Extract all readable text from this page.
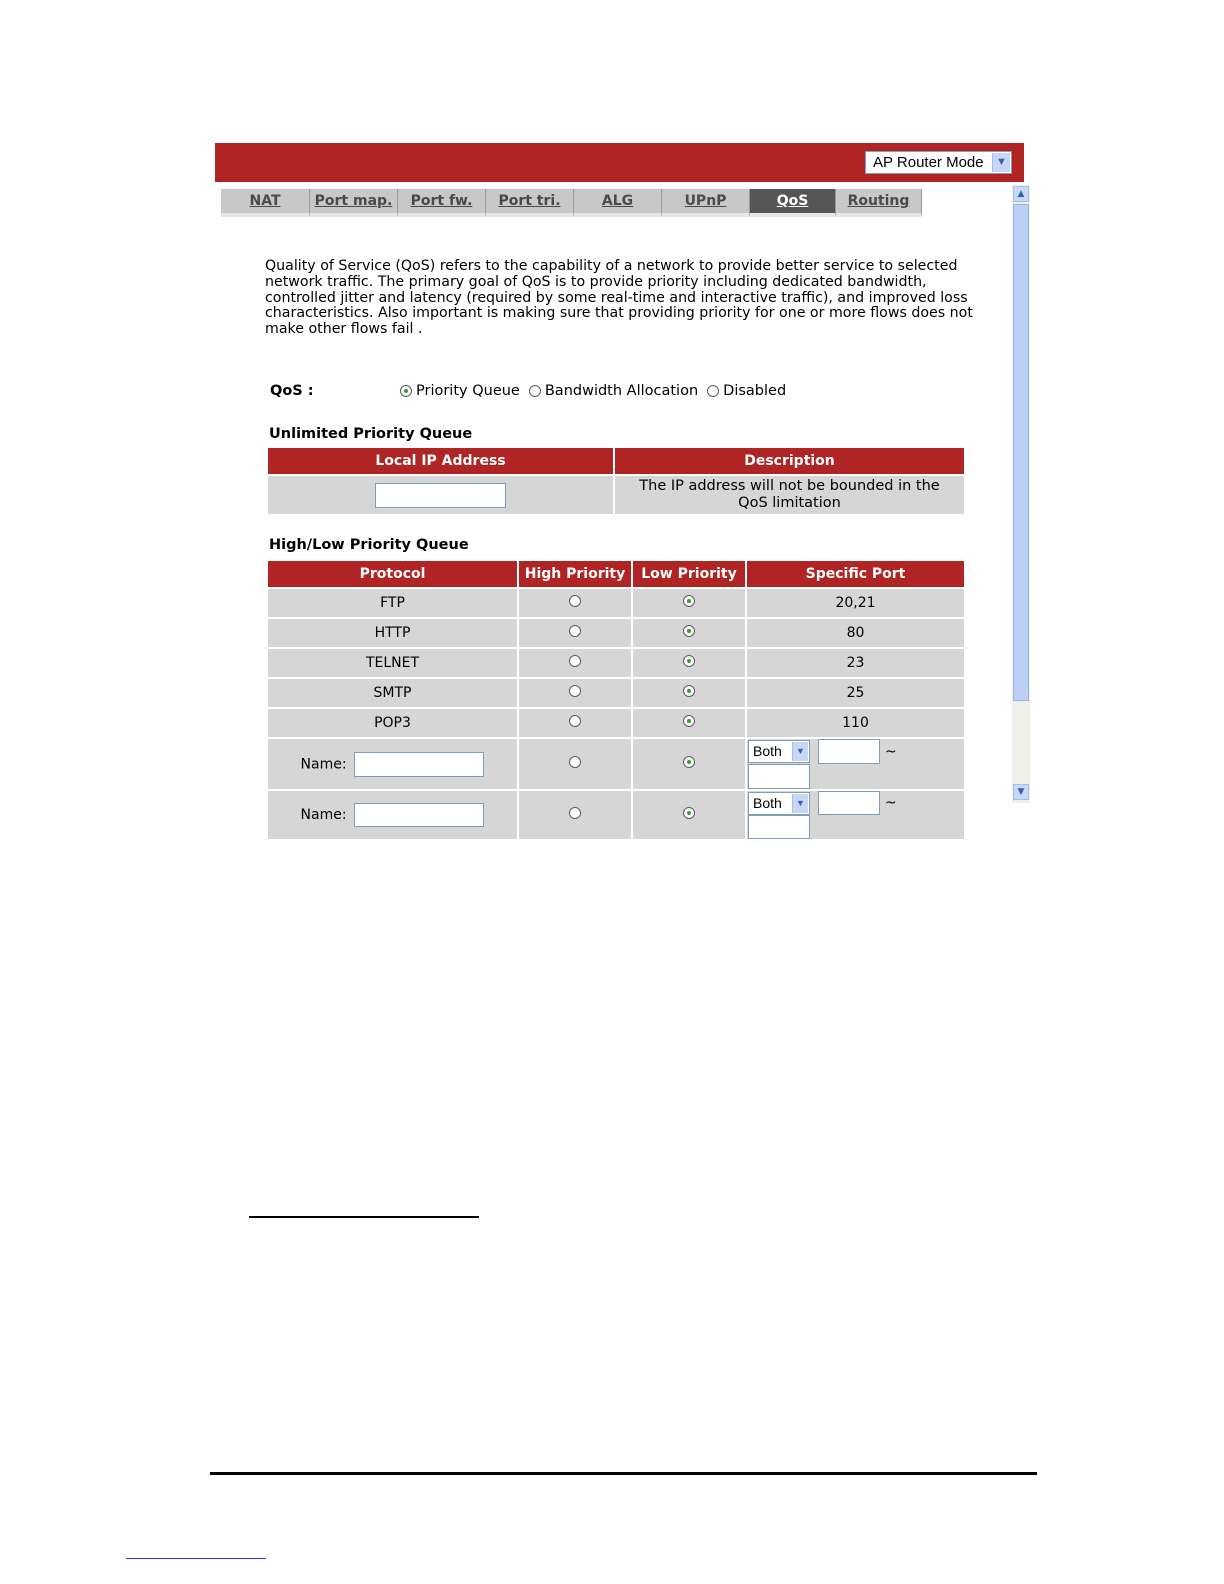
AP Router Mode	▼
NAT Port map. Port fw. Port tri.	ALG	UPnP	QoS	Routing	▲
▼

Quality of Service (QoS) refers to the capability of a network to provide better service to selected network traffic. The primary goal of QoS is to provide priority including dedicated bandwidth, controlled jitter and latency (required by some real-time and interactive traffic), and improved loss characteristics. Also important is making sure that providing priority for one or more flows does not make other flows fail .

QoS :	Priority Queue Bandwidth Allocation Disabled
Unlimited Priority Queue
Local IP Address	Description
	The IP address will not be bounded in the QoS limitation
High/Low Priority Queue
Protocol	High Priority	Low Priority	Specific Port
FTP			20,21
HTTP			80
TELNET			23
SMTP			25
POP3			110
Name:			Both ▼ ~
Name:			Both ▼ ~
